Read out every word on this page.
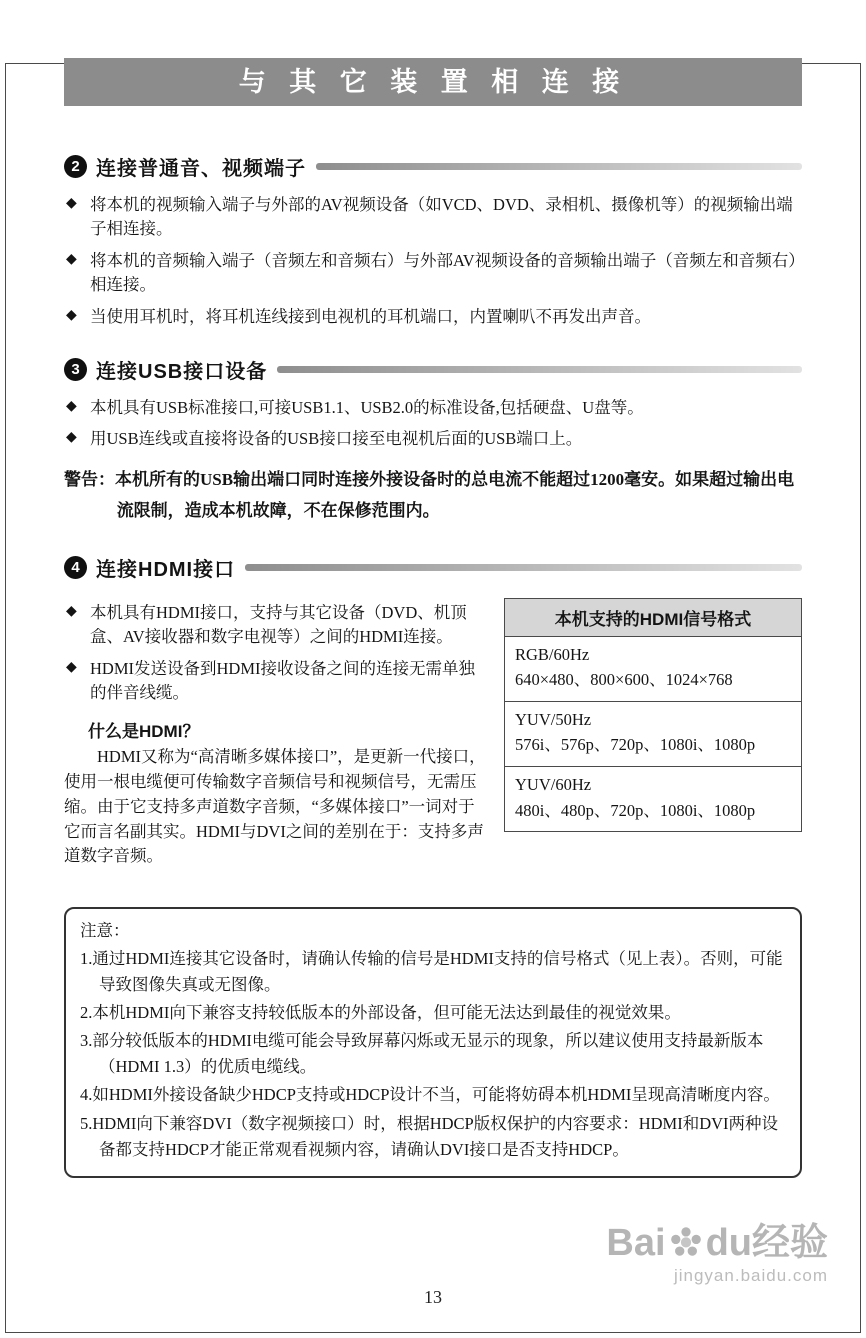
与 其 它 装 置 相 连 接
2 连接普通音、视频端子
◆ 将本机的视频输入端子与外部的AV视频设备（如VCD、DVD、录相机、摄像机等）的视频输出端子相连接。
◆ 将本机的音频输入端子（音频左和音频右）与外部AV视频设备的音频输出端子（音频左和音频右）相连接。
◆ 当使用耳机时，将耳机连线接到电视机的耳机端口，内置喇叭不再发出声音。
3 连接USB接口设备
◆ 本机具有USB标准接口,可接USB1.1、USB2.0的标准设备,包括硬盘、U盘等。
◆ 用USB连线或直接将设备的USB接口接至电视机后面的USB端口上。

警告：本机所有的USB输出端口同时连接外接设备时的总电流不能超过1200毫安。如果超过输出电流限制，造成本机故障，不在保修范围内。

4 连接HDMI接口
◆ 本机具有HDMI接口，支持与其它设备（DVD、机顶盒、AV接收器和数字电视等）之间的HDMI连接。
◆ HDMI发送设备到HDMI接收设备之间的连接无需单独的伴音线缆。
什么是HDMI？

HDMI又称为“高清晰多媒体接口”，是更新一代接口，使用一根电缆便可传输数字音频信号和视频信号，无需压缩。由于它支持多声道数字音频，“多媒体接口”一词对于它而言名副其实。HDMI与DVI之间的差别在于：支持多声道数字音频。

本机支持的HDMI信号格式
RGB/60Hz
640×480、800×600、1024×768
YUV/50Hz
576i、576p、720p、1080i、1080p
YUV/60Hz
480i、480p、720p、1080i、1080p
注意：
1.通过HDMI连接其它设备时，请确认传输的信号是HDMI支持的信号格式（见上表）。否则，可能导致图像失真或无图像。
2.本机HDMI向下兼容支持较低版本的外部设备，但可能无法达到最佳的视觉效果。
3.部分较低版本的HDMI电缆可能会导致屏幕闪烁或无显示的现象，所以建议使用支持最新版本（HDMI 1.3）的优质电缆线。
4.如HDMI外接设备缺少HDCP支持或HDCP设计不当，可能将妨碍本机HDMI呈现高清晰度内容。
5.HDMI向下兼容DVI（数字视频接口）时，根据HDCP版权保护的内容要求：HDMI和DVI两种设备都支持HDCP才能正常观看视频内容，请确认DVI接口是否支持HDCP。
Bai du经验
jingyan.baidu.com
13
